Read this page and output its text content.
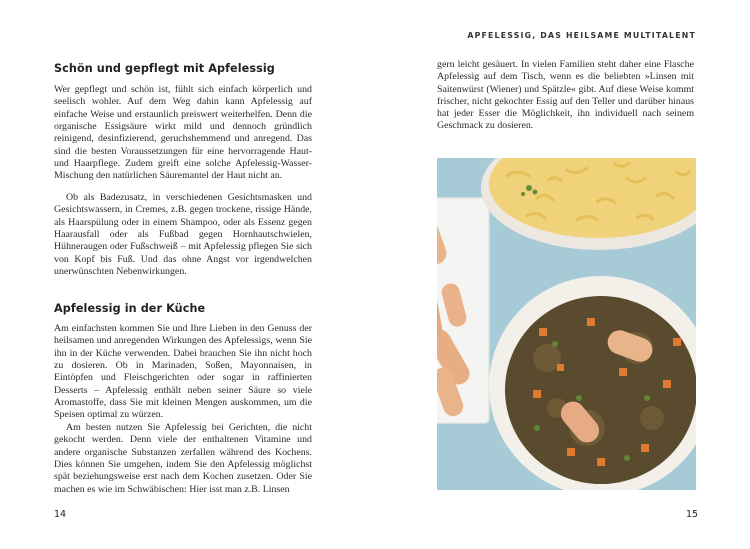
Schön und gepflegt mit Apfelessig

Wer gepflegt und schön ist, fühlt sich einfach körperlich und seelisch wohler. Auf dem Weg dahin kann Apfelessig auf einfache Weise und erstaunlich preiswert weiterhelfen. Denn die organische Essigsäure wirkt mild und dennoch gründlich reinigend, desinfizierend, geruchshemmend und anregend. Das sind die besten Voraussetzungen für eine hervorragende Haut- und Haarpflege. Zudem greift eine solche Apfelessig-Wasser-Mischung den natürlichen Säuremantel der Haut nicht an.

Ob als Badezusatz, in verschiedenen Gesichtsmasken und Gesichtswassern, in Cremes, z.B. gegen trockene, rissige Hände, als Haarspülung oder in einem Shampoo, oder als Essenz gegen Haarausfall oder als Fußbad gegen Hornhautschwielen, Hühneraugen oder Fußschweiß – mit Apfelessig pflegen Sie sich von Kopf bis Fuß. Und das ohne Angst vor irgendwelchen unerwünschten Nebenwirkungen.

Apfelessig in der Küche

Am einfachsten kommen Sie und Ihre Lieben in den Genuss der heilsamen und anregenden Wirkungen des Apfelessigs, wenn Sie ihn in der Küche verwenden. Dabei brauchen Sie ihn nicht hoch zu dosieren. Ob in Marinaden, Soßen, Mayonnaisen, in Eintöpfen und Fleischgerichten oder sogar in raffinierten Desserts – Apfelessig enthält neben seiner Säure so viele Aromastoffe, dass Sie mit kleinen Mengen auskommen, um die Speisen optimal zu würzen.

Am besten nutzen Sie Apfelessig bei Gerichten, die nicht gekocht werden. Denn viele der enthaltenen Vitamine und andere organische Substanzen zerfallen während des Kochens. Dies können Sie umgehen, indem Sie den Apfelessig möglichst spät beziehungsweise erst nach dem Kochen zusetzen. Oder Sie machen es wie im Schwäbischen: Hier isst man z.B. Linsen

14

APFELESSIG, DAS HEILSAME MULTITALENT

gern leicht gesäuert. In vielen Familien steht daher eine Flasche Apfelessig auf dem Tisch, wenn es die beliebten »Linsen mit Saitenwürst (Wiener) und Spätzle« gibt. Auf diese Weise kommt frischer, nicht gekochter Essig auf den Teller und darüber hinaus hat jeder Esser die Möglichkeit, ihn individuell nach seinem Geschmack zu dosieren.

15
